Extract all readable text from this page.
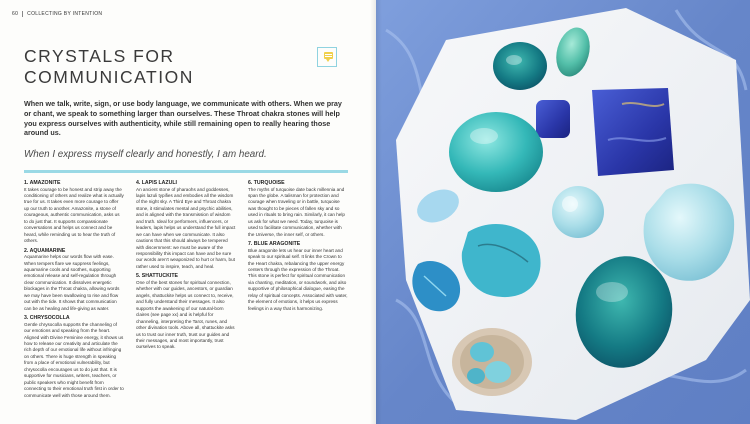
60 COLLECTING BY INTENTION
CRYSTALS FOR COMMUNICATION

When we talk, write, sign, or use body language, we communicate with others. When we pray or chant, we speak to something larger than ourselves. These Throat chakra stones will help you express ourselves with authenticity, while still remaining open to really hearing those around us.

When I express myself clearly and honestly, I am heard.

1. AMAZONITE

It takes courage to be honest and strip away the conditioning of others and realize what is actually true for us. It takes even more courage to offer up our truth to another. Amazonite, a stone of courageous, authentic communication, asks us to do just that. It supports compassionate conversations and helps us connect and be heard, while reminding us to hear the truth of others.

2. AQUAMARINE

Aquamarine helps our words flow with ease. When tempers flare we suppress feelings, aquamarine cools and soothes, supporting emotional release and self-regulation through clear communication. It dissolves energetic blockages in the Throat chakra, allowing words we may have been swallowing to rise and flow out with the tide. It shows that communication can be as healing and life-giving as water.

3. CHRYSOCOLLA

Gentle chrysocolla supports the channeling of our emotions and speaking from the heart. Aligned with Divine Feminine energy, it shows us how to release our creativity and articulate the rich depth of our emotional life without infringing on others. There is huge strength in speaking from a place of emotional vulnerability, but chrysocolla encourages us to do just that. It is supportive for musicians, writers, teachers, or public speakers who might benefit from connecting to their emotional truth first in order to communicate well with those around them.

4. LAPIS LAZULI

An ancient stone of pharaohs and goddesses, lapis lazuli typifies and embodies all the wisdom of the night sky. A Third Eye and Throat chakra stone, it stimulates mental and psychic abilities, and is aligned with the transmission of wisdom and truth. Ideal for performers, influencers, or leaders, lapis helps us understand the full impact we can have when we communicate. It also cautions that this should always be tempered with discernment: we must be aware of the responsibility this impact can have and be sure our words aren't weaponized to hurt or harm, but rather used to inspire, teach, and heal.

5. SHATTUCKITE

One of the best stones for spiritual connection, whether with our guides, ancestors, or guardian angels, shattuckite helps us connect to, receive, and fully understand their messages. It also supports the awakening of our natural-born claires (see page xx) and is helpful for channeling, interpreting the Tarot, runes, and other divination tools. Above all, shattuckite asks us to trust our inner truth, trust our guides and their messages, and most importantly, trust ourselves to speak.

6. TURQUOISE

The myths of turquoise date back millennia and span the globe. A talisman for protection and courage when traveling or in battle, turquoise was thought to be pieces of fallen sky and so used in rituals to bring rain. Similarly, it can help us ask for what we need. Today, turquoise is used to facilitate communication, whether with the Universe, the inner self, or others.

7. BLUE ARAGONITE

Blue aragonite lets us hear our inner heart and speak to our spiritual self. It links the Crown to the Heart chakra, rebalancing the upper energy centers through the expression of the Throat. This stone is perfect for spiritual communication via chanting, meditation, or soundwork, and also supportive of philosophical dialogue, easing the relay of spiritual concepts. Associated with water, the element of emotions, it helps us express feelings in a way that is harmonizing.
